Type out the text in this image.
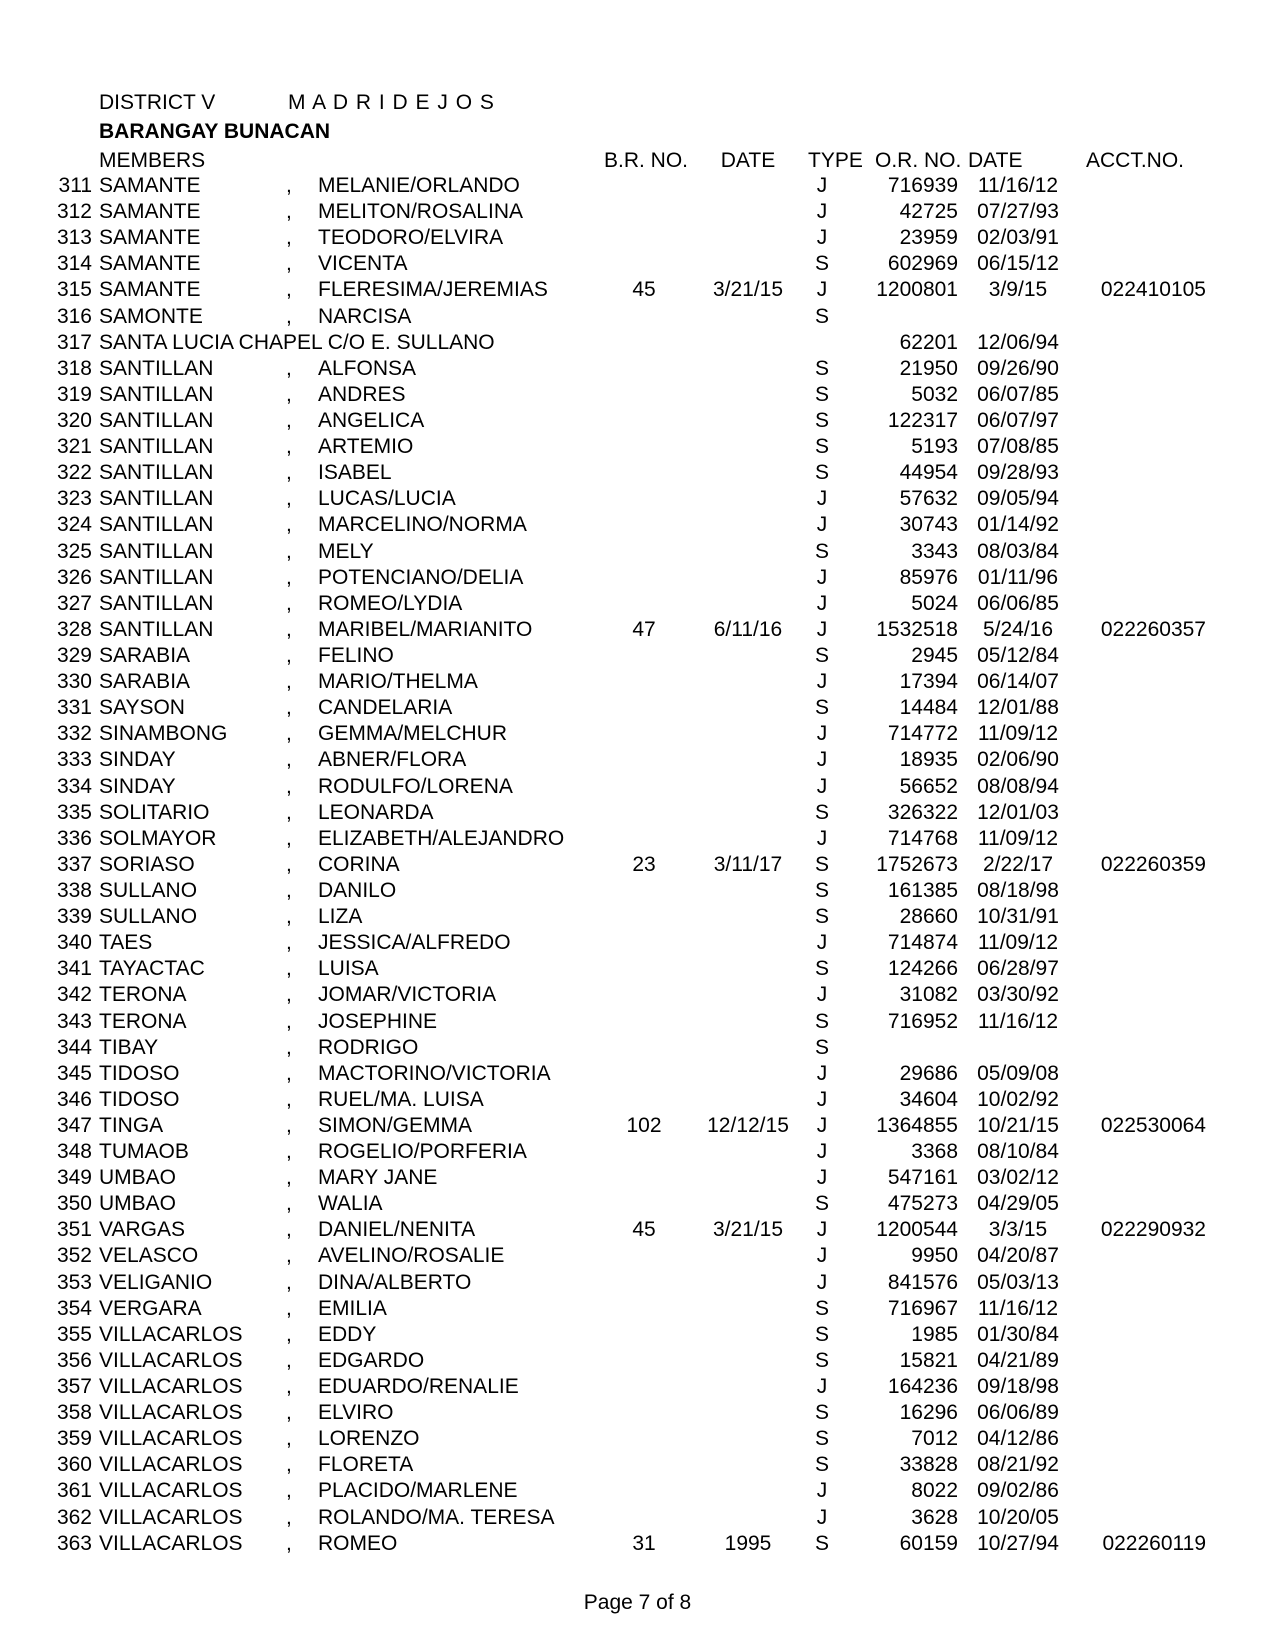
DISTRICT V	M A D R I D E J O S
BARANGAY BUNACAN
MEMBERS	B.R. NO.	DATE	TYPE O.R. NO. DATE	ACCT.NO.
311 SAMANTE	, MELANIE/ORLANDO	J	716939 11/16/12
312 SAMANTE	, MELITON/ROSALINA	J	42725 07/27/93
313 SAMANTE	, TEODORO/ELVIRA	J	23959 02/03/91
314 SAMANTE	, VICENTA	S	602969 06/15/12
315 SAMANTE	, FLERESIMA/JEREMIAS	45	3/21/15	J	1200801	3/9/15	022410105
316 SAMONTE	, NARCISA	S
317 SANTA LUCIA CHAPEL C/O E. SULLANO	62201 12/06/94
318 SANTILLAN	, ALFONSA	S	21950 09/26/90
319 SANTILLAN	, ANDRES	S	5032 06/07/85
320 SANTILLAN	, ANGELICA	S	122317 06/07/97
321 SANTILLAN	, ARTEMIO	S	5193 07/08/85
322 SANTILLAN	, ISABEL	S	44954 09/28/93
323 SANTILLAN	, LUCAS/LUCIA	J	57632 09/05/94
324 SANTILLAN	, MARCELINO/NORMA	J	30743 01/14/92
325 SANTILLAN	, MELY	S	3343 08/03/84
326 SANTILLAN	, POTENCIANO/DELIA	J	85976 01/11/96
327 SANTILLAN	, ROMEO/LYDIA	J	5024 06/06/85
328 SANTILLAN	, MARIBEL/MARIANITO	47	6/11/16	J	1532518	5/24/16	022260357
329 SARABIA	, FELINO	S	2945 05/12/84
330 SARABIA	, MARIO/THELMA	J	17394 06/14/07
331 SAYSON	, CANDELARIA	S	14484 12/01/88
332 SINAMBONG	, GEMMA/MELCHUR	J	714772 11/09/12
333 SINDAY	, ABNER/FLORA	J	18935 02/06/90
334 SINDAY	, RODULFO/LORENA	J	56652 08/08/94
335 SOLITARIO	, LEONARDA	S	326322 12/01/03
336 SOLMAYOR	, ELIZABETH/ALEJANDRO	J	714768 11/09/12
337 SORIASO	, CORINA	23	3/11/17	S	1752673	2/22/17	022260359
338 SULLANO	, DANILO	S	161385 08/18/98
339 SULLANO	, LIZA	S	28660 10/31/91
340 TAES	, JESSICA/ALFREDO	J	714874 11/09/12
341 TAYACTAC	, LUISA	S	124266 06/28/97
342 TERONA	, JOMAR/VICTORIA	J	31082 03/30/92
343 TERONA	, JOSEPHINE	S	716952 11/16/12
344 TIBAY	, RODRIGO	S
345 TIDOSO	, MACTORINO/VICTORIA	J	29686 05/09/08
346 TIDOSO	, RUEL/MA. LUISA	J	34604 10/02/92
347 TINGA	, SIMON/GEMMA	102	12/12/15	J	1364855 10/21/15	022530064
348 TUMAOB	, ROGELIO/PORFERIA	J	3368 08/10/84
349 UMBAO	, MARY JANE	J	547161 03/02/12
350 UMBAO	, WALIA	S	475273 04/29/05
351 VARGAS	, DANIEL/NENITA	45	3/21/15	J	1200544	3/3/15	022290932
352 VELASCO	, AVELINO/ROSALIE	J	9950 04/20/87
353 VELIGANIO	, DINA/ALBERTO	J	841576 05/03/13
354 VERGARA	, EMILIA	S	716967 11/16/12
355 VILLACARLOS , EDDY	S	1985 01/30/84
356 VILLACARLOS , EDGARDO	S	15821 04/21/89
357 VILLACARLOS , EDUARDO/RENALIE	J	164236 09/18/98
358 VILLACARLOS , ELVIRO	S	16296 06/06/89
359 VILLACARLOS , LORENZO	S	7012 04/12/86
360 VILLACARLOS , FLORETA	S	33828 08/21/92
361 VILLACARLOS , PLACIDO/MARLENE	J	8022 09/02/86
362 VILLACARLOS , ROLANDO/MA. TERESA	J	3628 10/20/05
363 VILLACARLOS , ROMEO	31	1995	S	60159 10/27/94	022260119
Page 7 of 8
